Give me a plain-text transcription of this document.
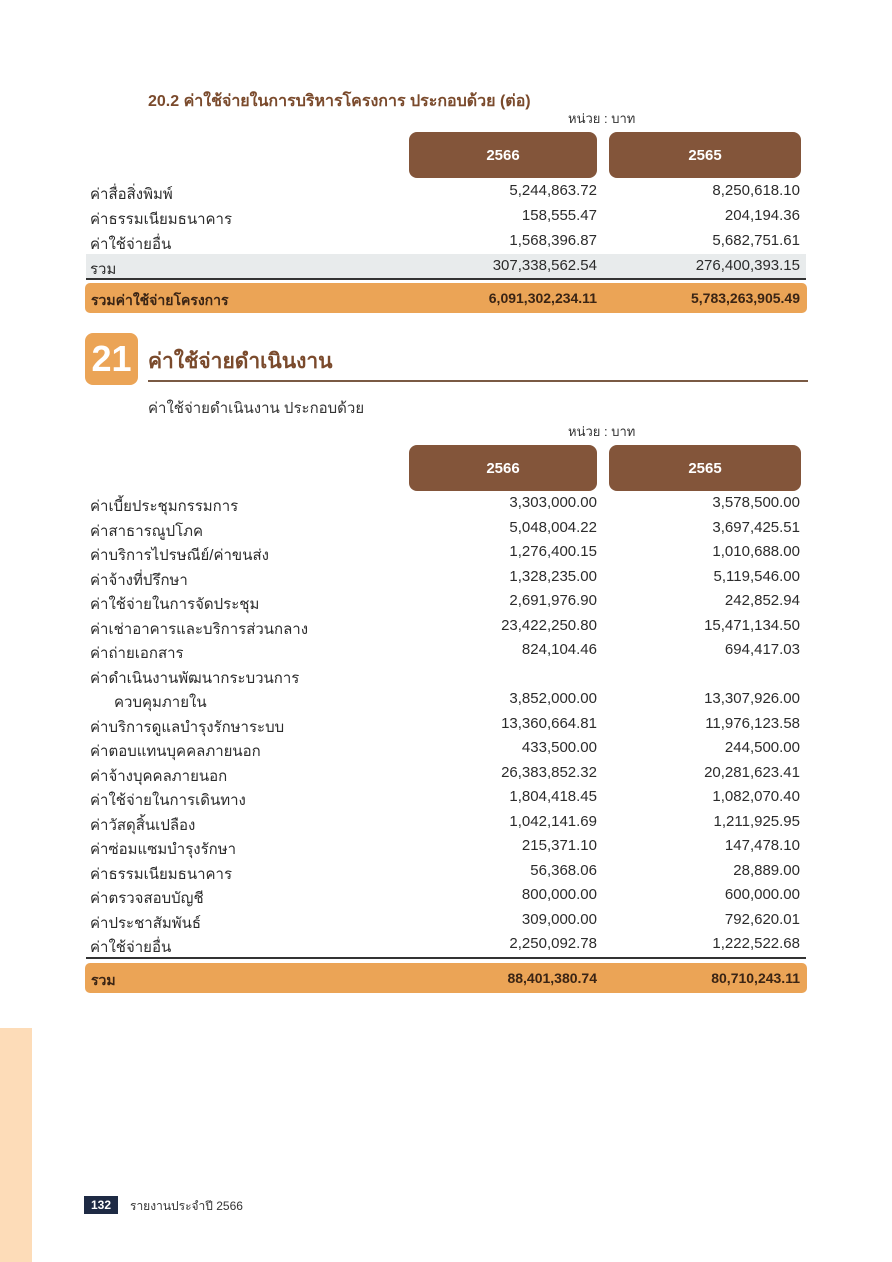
20.2 ค่าใช้จ่ายในการบริหารโครงการ ประกอบด้วย (ต่อ)
หน่วย : บาท
2566	2565
ค่าสื่อสิ่งพิมพ์	5,244,863.72	8,250,618.10
ค่าธรรมเนียมธนาคาร	158,555.47	204,194.36
ค่าใช้จ่ายอื่น	1,568,396.87	5,682,751.61
รวม	307,338,562.54	276,400,393.15
รวมค่าใช้จ่ายโครงการ	6,091,302,234.11	5,783,263,905.49
21 ค่าใช้จ่ายดำเนินงาน
ค่าใช้จ่ายดำเนินงาน ประกอบด้วย
หน่วย : บาท
2566	2565
ค่าเบี้ยประชุมกรรมการ	3,303,000.00	3,578,500.00
ค่าสาธารณูปโภค	5,048,004.22	3,697,425.51
ค่าบริการไปรษณีย์/ค่าขนส่ง	1,276,400.15	1,010,688.00
ค่าจ้างที่ปรึกษา	1,328,235.00	5,119,546.00
ค่าใช้จ่ายในการจัดประชุม	2,691,976.90	242,852.94
ค่าเช่าอาคารและบริการส่วนกลาง	23,422,250.80	15,471,134.50
ค่าถ่ายเอกสาร	824,104.46	694,417.03
ค่าดำเนินงานพัฒนากระบวนการ
ควบคุมภายใน	3,852,000.00	13,307,926.00
ค่าบริการดูแลบำรุงรักษาระบบ	13,360,664.81	11,976,123.58
ค่าตอบแทนบุคคลภายนอก	433,500.00	244,500.00
ค่าจ้างบุคคลภายนอก	26,383,852.32	20,281,623.41
ค่าใช้จ่ายในการเดินทาง	1,804,418.45	1,082,070.40
ค่าวัสดุสิ้นเปลือง	1,042,141.69	1,211,925.95
ค่าซ่อมแซมบำรุงรักษา	215,371.10	147,478.10
ค่าธรรมเนียมธนาคาร	56,368.06	28,889.00
ค่าตรวจสอบบัญชี	800,000.00	600,000.00
ค่าประชาสัมพันธ์	309,000.00	792,620.01
ค่าใช้จ่ายอื่น	2,250,092.78	1,222,522.68
รวม	88,401,380.74	80,710,243.11
132	รายงานประจำปี 2566
